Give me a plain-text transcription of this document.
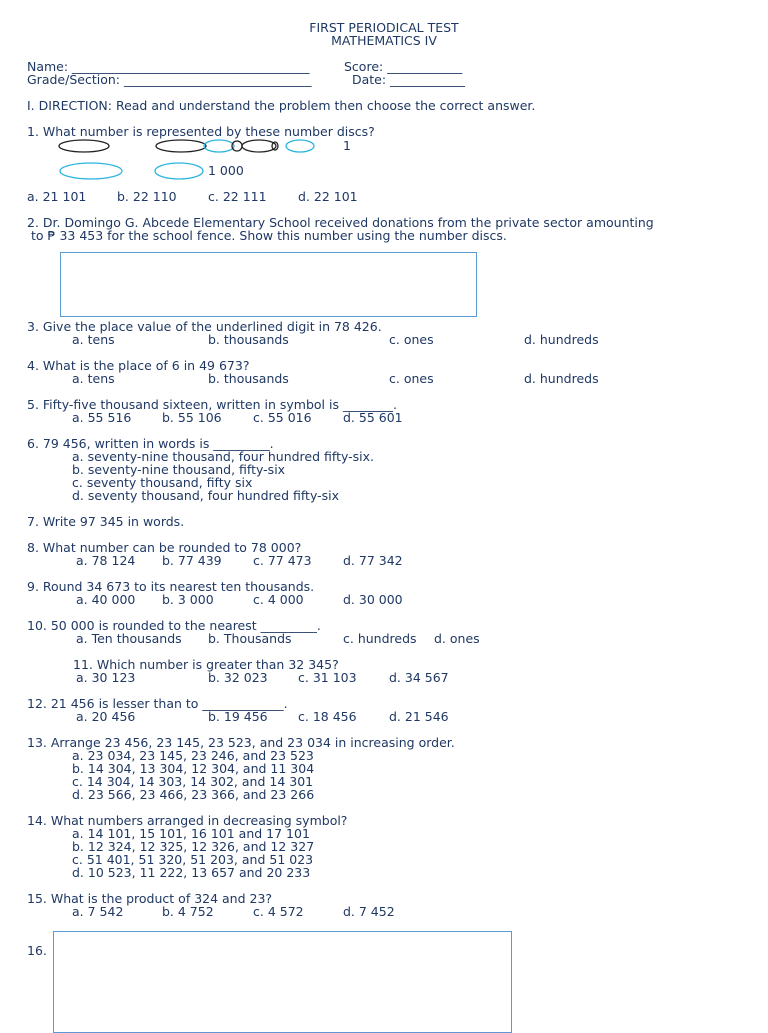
FIRST PERIODICAL TEST
MATHEMATICS IV
Name: ______________________________________	Score: ____________
Grade/Section: ______________________________	Date: ____________
I. DIRECTION: Read and understand the problem then choose the correct answer.
1. What number is represented by these number discs?
1
1 000
a. 21 101 b. 22 110	c. 22 111	d. 22 101
2. Dr. Domingo G. Abcede Elementary School received donations from the private sector amounting
to ₱ 33 453 for the school fence. Show this number using the number discs.
3. Give the place value of the underlined digit in 78 426.
a. tens	b. thousands	c. ones	d. hundreds
4. What is the place of 6 in 49 673?
a. tens	b. thousands	c. ones	d. hundreds
5. Fifty-five thousand sixteen, written in symbol is ________.
a. 55 516 b. 55 106	c. 55 016	d. 55 601
6. 79 456, written in words is _________.
a. seventy-nine thousand, four hundred fifty-six.
b. seventy-nine thousand, fifty-six
c. seventy thousand, fifty six
d. seventy thousand, four hundred fifty-six
7. Write 97 345 in words.
8. What number can be rounded to 78 000?
a. 78 124 b. 77 439	c. 77 473	d. 77 342
9. Round 34 673 to its nearest ten thousands.
a. 40 000 b. 3 000	c. 4 000	d. 30 000
10. 50 000 is rounded to the nearest _________.
a. Ten thousands b. Thousands	c. hundreds d. ones
11. Which number is greater than 32 345?
a. 30 123	b. 32 023 c. 31 103	d. 34 567
12. 21 456 is lesser than to _____________.
a. 20 456	b. 19 456 c. 18 456	d. 21 546
13. Arrange 23 456, 23 145, 23 523, and 23 034 in increasing order.
a. 23 034, 23 145, 23 246, and 23 523
b. 14 304, 13 304, 12 304, and 11 304
c. 14 304, 14 303, 14 302, and 14 301
d. 23 566, 23 466, 23 366, and 23 266
14. What numbers arranged in decreasing symbol?
a. 14 101, 15 101, 16 101 and 17 101
b. 12 324, 12 325, 12 326, and 12 327
c. 51 401, 51 320, 51 203, and 51 023
d. 10 523, 11 222, 13 657 and 20 233
15. What is the product of 324 and 23?
a. 7 542	b. 4 752	c. 4 572	d. 7 452
16.
